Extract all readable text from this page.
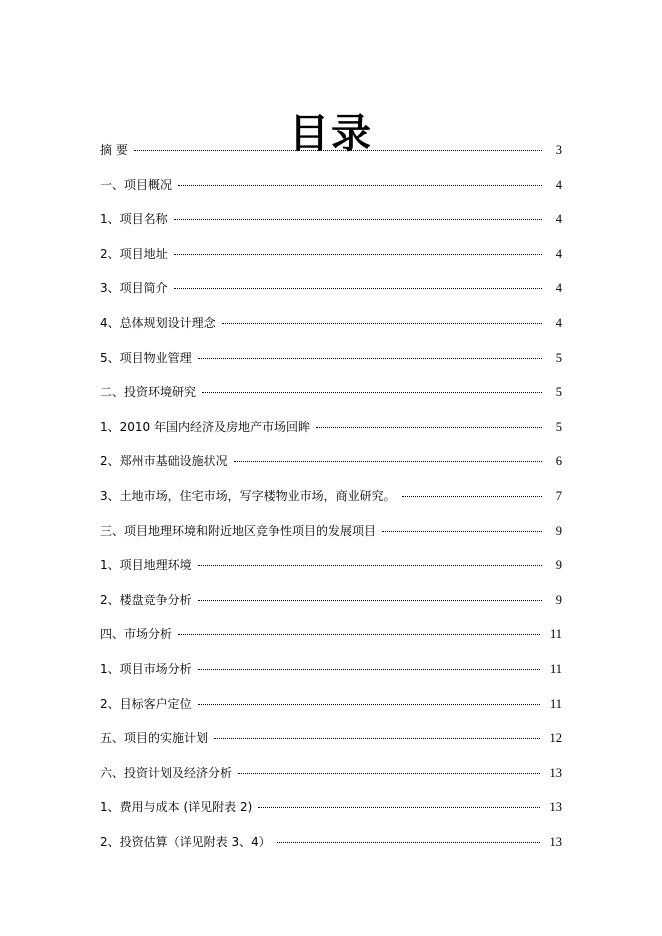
目录
摘 要	3
一、项目概况	4
1、项目名称	4
2、项目地址	4
3、项目简介	4
4、总体规划设计理念	4
5、项目物业管理	5
二、投资环境研究	5
1、2010 年国内经济及房地产市场回眸	5
2、郑州市基础设施状况	6
3、土地市场，住宅市场，写字楼物业市场，商业研究。	7
三、项目地理环境和附近地区竞争性项目的发展项目	9
1、项目地理环境	9
2、楼盘竞争分析	9
四、市场分析	11
1、项目市场分析	11
2、目标客户定位	11
五、项目的实施计划	12
六、投资计划及经济分析	13
1、费用与成本 (详见附表 2)	13
2、投资估算（详见附表 3、4）	13
